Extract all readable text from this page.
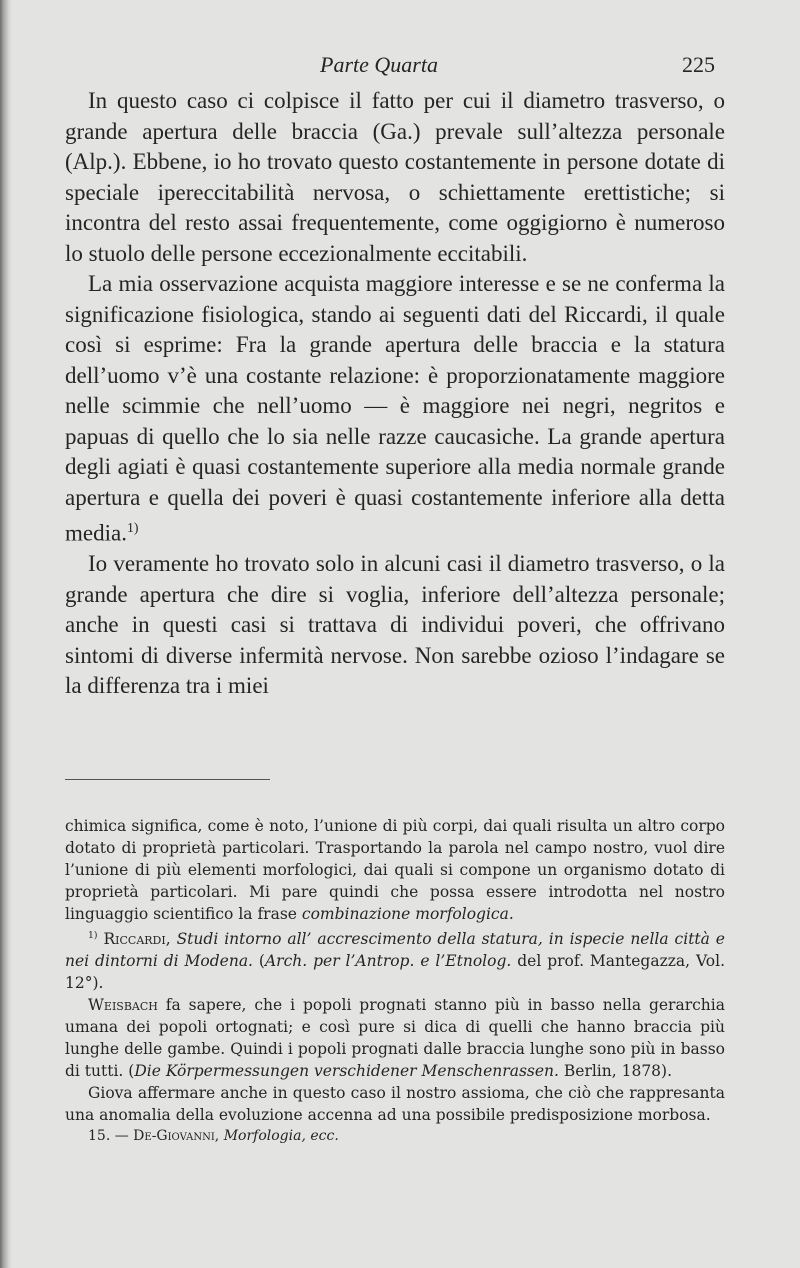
Parte Quarta	225

In questo caso ci colpisce il fatto per cui il diametro trasverso, o grande apertura delle braccia (Ga.) prevale sull’altezza personale (Alp.). Ebbene, io ho trovato questo costantemente in persone dotate di speciale ipereccitabilità nervosa, o schiettamente erettistiche; si incontra del resto assai frequentemente, come oggigiorno è numeroso lo stuolo delle persone eccezionalmente eccitabili.

La mia osservazione acquista maggiore interesse e se ne conferma la significazione fisiologica, stando ai seguenti dati del Riccardi, il quale così si esprime: Fra la grande apertura delle braccia e la statura dell’uomo v’è una costante relazione: è proporzionatamente maggiore nelle scimmie che nell’uomo — è maggiore nei negri, negritos e papuas di quello che lo sia nelle razze caucasiche. La grande apertura degli agiati è quasi costantemente superiore alla media normale grande apertura e quella dei poveri è quasi costantemente inferiore alla detta media.$^{1)}$

Io veramente ho trovato solo in alcuni casi il diametro trasverso, o la grande apertura che dire si voglia, inferiore dell’altezza personale; anche in questi casi si trattava di individui poveri, che offrivano sintomi di diverse infermità nervose. Non sarebbe ozioso l’indagare se la differenza tra i miei

chimica significa, come è noto, l’unione di più corpi, dai quali risulta un altro corpo dotato di proprietà particolari. Trasportando la parola nel campo nostro, vuol dire l’unione di più elementi morfologici, dai quali si compone un organismo dotato di proprietà particolari. Mi pare quindi che possa essere introdotta nel nostro linguaggio scientifico la frase combinazione morfologica.

$^{1)}$ Riccardi, Studi intorno all’ accrescimento della statura, in ispecie nella città e nei dintorni di Modena. (Arch. per l’Antrop. e l’Etnolog. del prof. Mantegazza, Vol. 12°).

Weisbach fa sapere, che i popoli prognati stanno più in basso nella gerarchia umana dei popoli ortognati; e così pure si dica di quelli che hanno braccia più lunghe delle gambe. Quindi i popoli prognati dalle braccia lunghe sono più in basso di tutti. (Die Körpermessungen verschidener Menschenrassen. Berlin, 1878).

Giova affermare anche in questo caso il nostro assioma, che ciò che rappresanta una anomalia della evoluzione accenna ad una possibile predisposizione morbosa.

15. — De-Giovanni, Morfologia, ecc.
